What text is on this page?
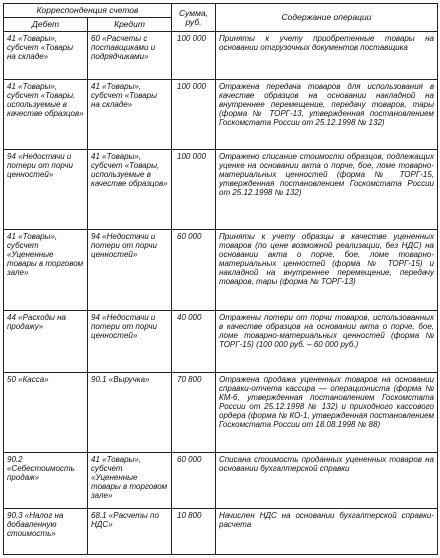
Корреспонденция счетов		Сумма, руб.	Содержание операции
Дебет	Кредит		
41 «Товары», субсчет «Товары на складе»	60 «Расчеты с поставщиками и подрядчиками»	100 000	Приняты к учету приобретенные товары на основании отгрузочных документов поставщика
41 «Товары», субсчет «Товары, используемые в качестве образцов»	41 «Товары», субсчет «Товары на складе»	100 000	Отражена передача товаров для использования в качестве образцов на основании накладной на внутреннее перемещение, передачу товаров, тары (форма № ТОРГ-13, утвержденная постановлением Госкомстата России от 25.12.1998 № 132)
94 «Недостачи и потери от порчи ценностей»	41 «Товары», субсчет «Товары, используемые в качестве образцов»	100 000	Отражено списание стоимости образцов, подлежащих уценке на основании акта о порче, бое, ломе товарно-материальных ценностей (форма № ТОРГ-15, утвержденная постановлением Госкомстата России от 25.12.1998 № 132)
41 «Товары», субсчет «Уцененные товары в торговом зале»	94 «Недостачи и потери от порчи ценностей»	60 000	Приняты к учету образцы в качестве уцененных товаров (по цене возможной реализации, без НДС) на основании акта о порче, бое, ломе товарно-материальных ценностей (форма № ТОРГ-15) и накладной на внутреннее перемещение, передачу товаров, тары (форма № ТОРГ-13)
44 «Расходы на продажу»	94 «Недостачи и потери от порчи ценностей»	40 000	Отражены потери от порчи товаров, использованных в качестве образцов на основании акта о порче, бое, ломе товарно-материальных ценностей (форма № ТОРГ-15) (100 000 руб. – 60 000 руб.)
50 «Касса»	90.1 «Выручка»	70 800	Отражена продажа уцененных товаров на основании справки-отчета кассира — операциониста (форма № КМ-6, утвержденная постановлением Госкомстата России от 25.12.1998 № 132) и приходного кассового ордера (форма № КО-1, утвержденная постановлением Госкомстата России от 18.08.1998 № 88)
90.2 «Себестоимость продаж»	41 «Товары», субсчет «Уцененные товары в торговом зале»	60 000	Списана стоимость проданных уцененных товаров на основании бухгалтерской справки
90.3 «Налог на добавленную стоимость»	68.1 «Расчеты по НДС»	10 800	Начислен НДС на основании бухгалтерской справки-расчета
